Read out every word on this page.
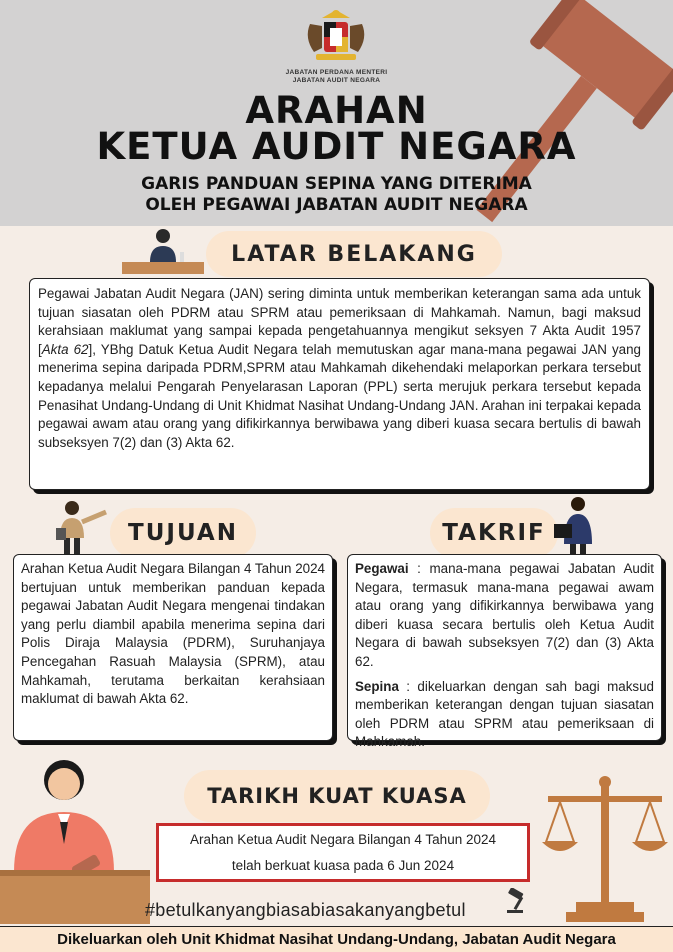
JABATAN PERDANA MENTERI
JABATAN AUDIT NEGARA
ARAHAN
KETUA AUDIT NEGARA
GARIS PANDUAN SEPINA YANG DITERIMA
OLEH PEGAWAI JABATAN AUDIT NEGARA
LATAR BELAKANG
Pegawai Jabatan Audit Negara (JAN) sering diminta untuk memberikan keterangan sama ada untuk tujuan siasatan oleh PDRM atau SPRM atau pemeriksaan di Mahkamah. Namun, bagi maksud kerahsiaan maklumat yang sampai kepada pengetahuannya mengikut seksyen 7 Akta Audit 1957 [Akta 62], YBhg Datuk Ketua Audit Negara telah memutuskan agar mana-mana pegawai JAN yang menerima sepina daripada PDRM,SPRM atau Mahkamah dikehendaki melaporkan perkara tersebut kepadanya melalui Pengarah Penyelarasan Laporan (PPL) serta merujuk perkara tersebut kepada Penasihat Undang-Undang di Unit Khidmat Nasihat Undang-Undang JAN. Arahan ini terpakai kepada pegawai awam atau orang yang difikirkannya berwibawa yang diberi kuasa secara bertulis di bawah subseksyen 7(2) dan (3) Akta 62.
TUJUAN
Arahan Ketua Audit Negara Bilangan 4 Tahun 2024 bertujuan untuk memberikan panduan kepada pegawai Jabatan Audit Negara mengenai tindakan yang perlu diambil apabila menerima sepina dari Polis Diraja Malaysia (PDRM), Suruhanjaya Pencegahan Rasuah Malaysia (SPRM), atau Mahkamah, terutama berkaitan kerahsiaan maklumat di bawah Akta 62.
TAKRIF

Pegawai : mana-mana pegawai Jabatan Audit Negara, termasuk mana-mana pegawai awam atau orang yang difikirkannya berwibawa yang diberi kuasa secara bertulis oleh Ketua Audit Negara di bawah subseksyen 7(2) dan (3) Akta 62.

Sepina : dikeluarkan dengan sah bagi maksud memberikan keterangan dengan tujuan siasatan oleh PDRM atau SPRM atau pemeriksaan di Mahkamah.

TARIKH KUAT KUASA
Arahan Ketua Audit Negara Bilangan 4 Tahun 2024
telah berkuat kuasa pada 6 Jun 2024
#betulkanyangbiasabiasakanyangbetul
Dikeluarkan oleh Unit Khidmat Nasihat Undang-Undang, Jabatan Audit Negara
